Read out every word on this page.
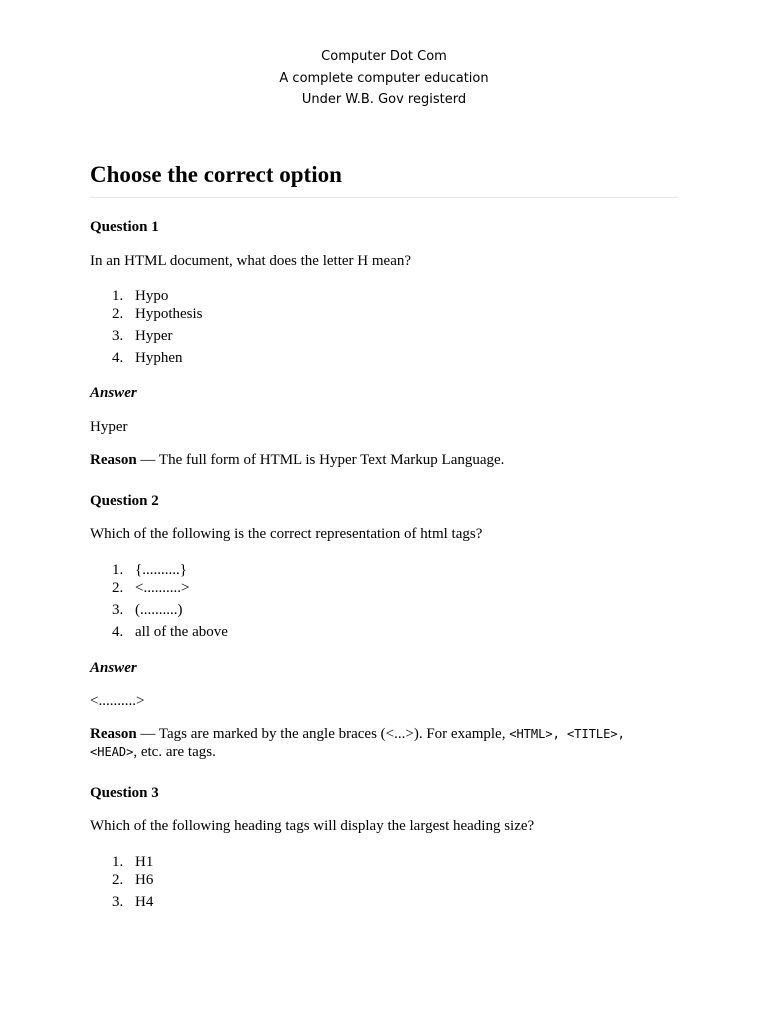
Computer Dot Com
A complete computer education
Under W.B. Gov registerd
Choose the correct option

Question 1

In an HTML document, what does the letter H mean?

1. Hypo
2. Hypothesis
3. Hyper
4. Hyphen

Answer

Hyper

Reason — The full form of HTML is Hyper Text Markup Language.

Question 2

Which of the following is the correct representation of html tags?

1. {..........}
2. <..........>
3. (..........)
4. all of the above

Answer

<..........>

Reason — Tags are marked by the angle braces (<...>). For example, <HTML>, <TITLE>,
<HEAD>, etc. are tags.

Question 3

Which of the following heading tags will display the largest heading size?

1. H1
2. H6
3. H4
